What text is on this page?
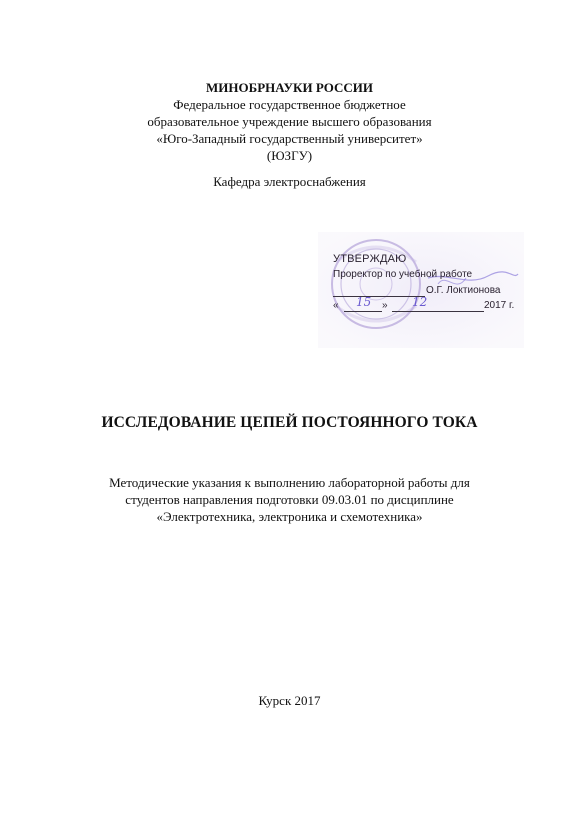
МИНОБРНАУКИ РОССИИ
Федеральное государственное бюджетное
образовательное учреждение высшего образования
«Юго-Западный государственный университет»
(ЮЗГУ)
Кафедра электроснабжения
УТВЕРЖДАЮ
Проректор по учебной работе
О.Г. Локтионова
« 15 » 12	2017 г.
ИССЛЕДОВАНИЕ ЦЕПЕЙ ПОСТОЯННОГО ТОКА
Методические указания к выполнению лабораторной работы для
студентов направления подготовки 09.03.01 по дисциплине
«Электротехника, электроника и схемотехника»
Курск 2017
